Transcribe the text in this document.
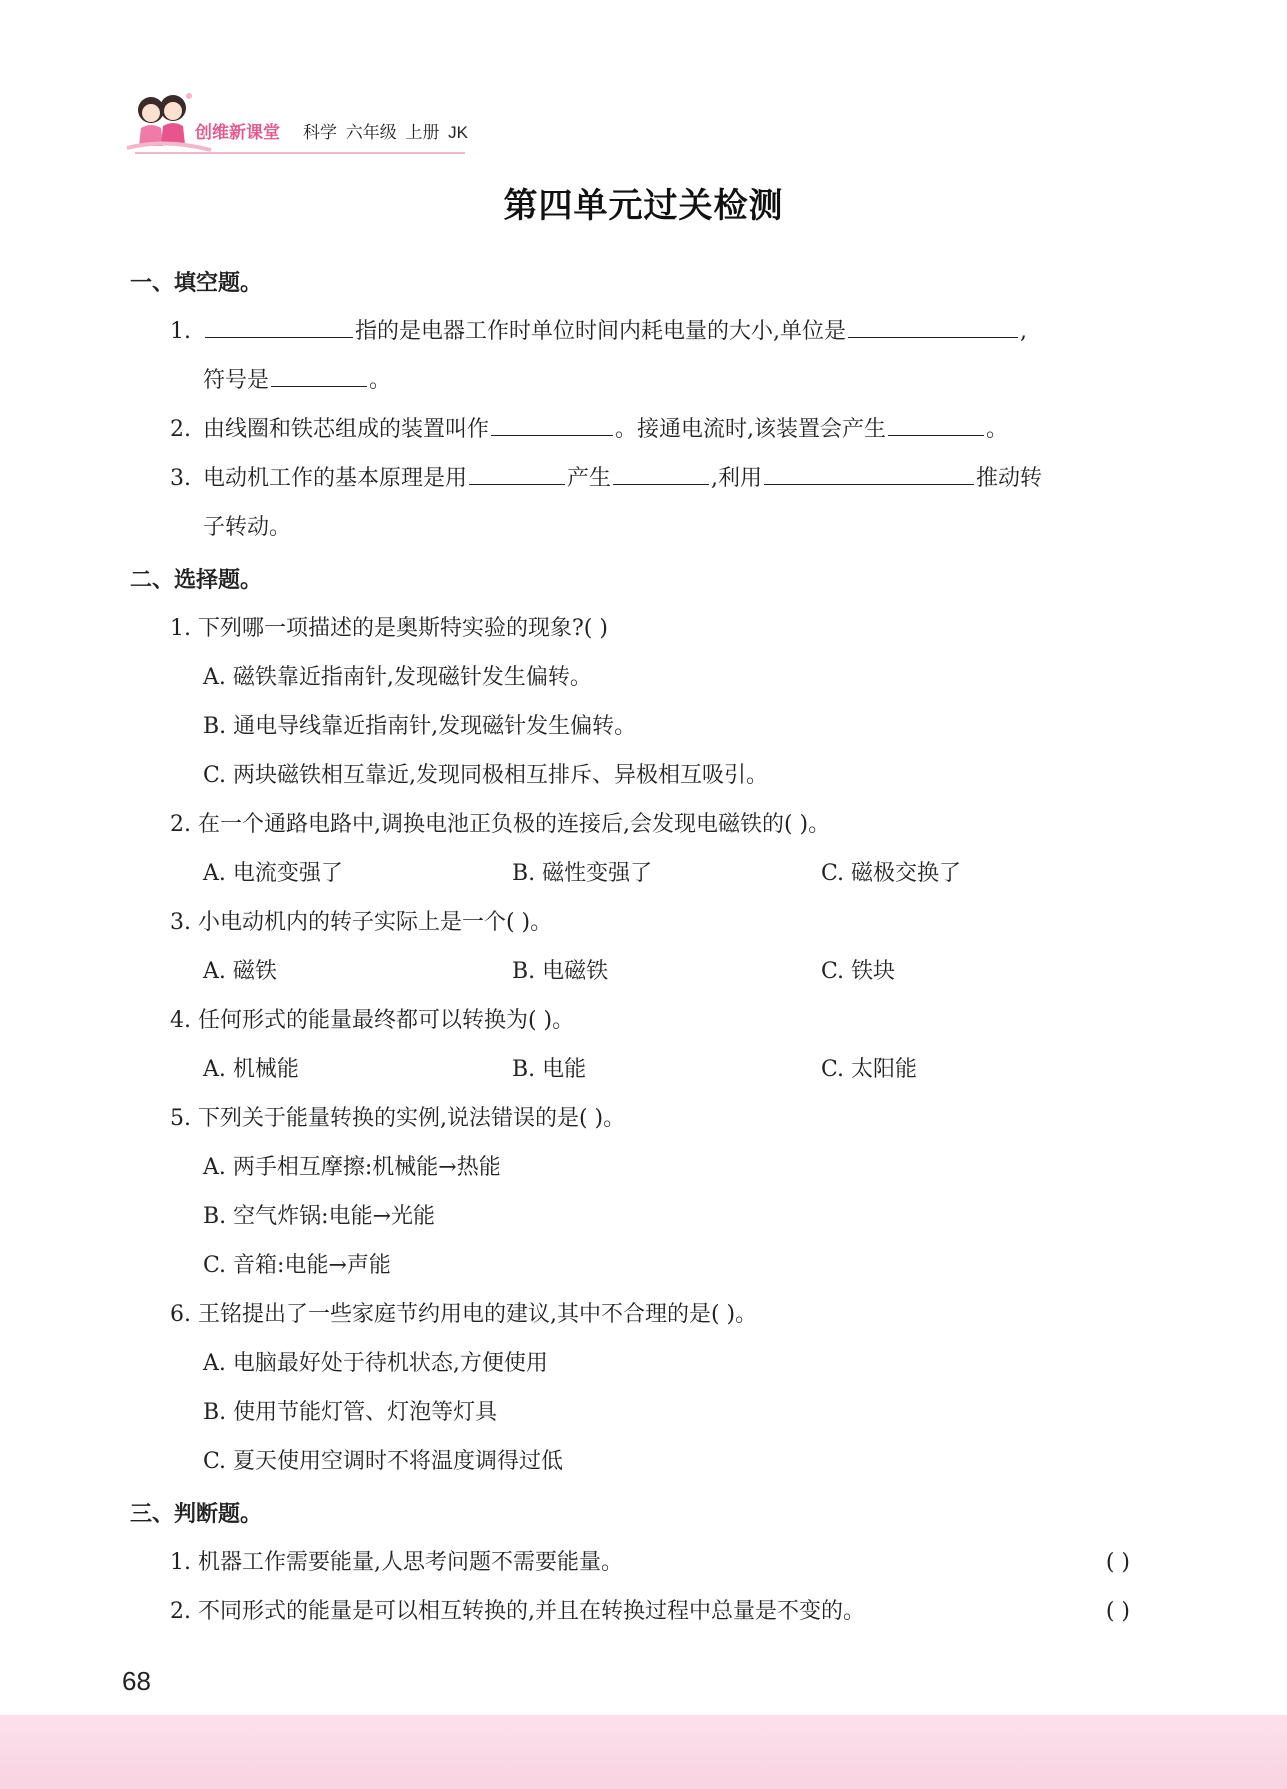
创维新课堂 科学 六年级 上册 JK
第四单元过关检测
一、填空题。
1.	指的是电器工作时单位时间内耗电量的大小,单位是	,
符号是	。
2. 由线圈和铁芯组成的装置叫作	。接通电流时,该装置会产生	。
3. 电动机工作的基本原理是用	产生	,利用	推动转
子转动。
二、选择题。
1. 下列哪一项描述的是奥斯特实验的现象?( )
A. 磁铁靠近指南针,发现磁针发生偏转。
B. 通电导线靠近指南针,发现磁针发生偏转。
C. 两块磁铁相互靠近,发现同极相互排斥、异极相互吸引。
2. 在一个通路电路中,调换电池正负极的连接后,会发现电磁铁的( )。
A. 电流变强了	B. 磁性变强了	C. 磁极交换了
3. 小电动机内的转子实际上是一个( )。
A. 磁铁	B. 电磁铁	C. 铁块
4. 任何形式的能量最终都可以转换为( )。
A. 机械能	B. 电能	C. 太阳能
5. 下列关于能量转换的实例,说法错误的是( )。
A. 两手相互摩擦:机械能→热能
B. 空气炸锅:电能→光能
C. 音箱:电能→声能
6. 王铭提出了一些家庭节约用电的建议,其中不合理的是( )。
A. 电脑最好处于待机状态,方便使用
B. 使用节能灯管、灯泡等灯具
C. 夏天使用空调时不将温度调得过低
三、判断题。
1. 机器工作需要能量,人思考问题不需要能量。	( )
2. 不同形式的能量是可以相互转换的,并且在转换过程中总量是不变的。	( )
68
